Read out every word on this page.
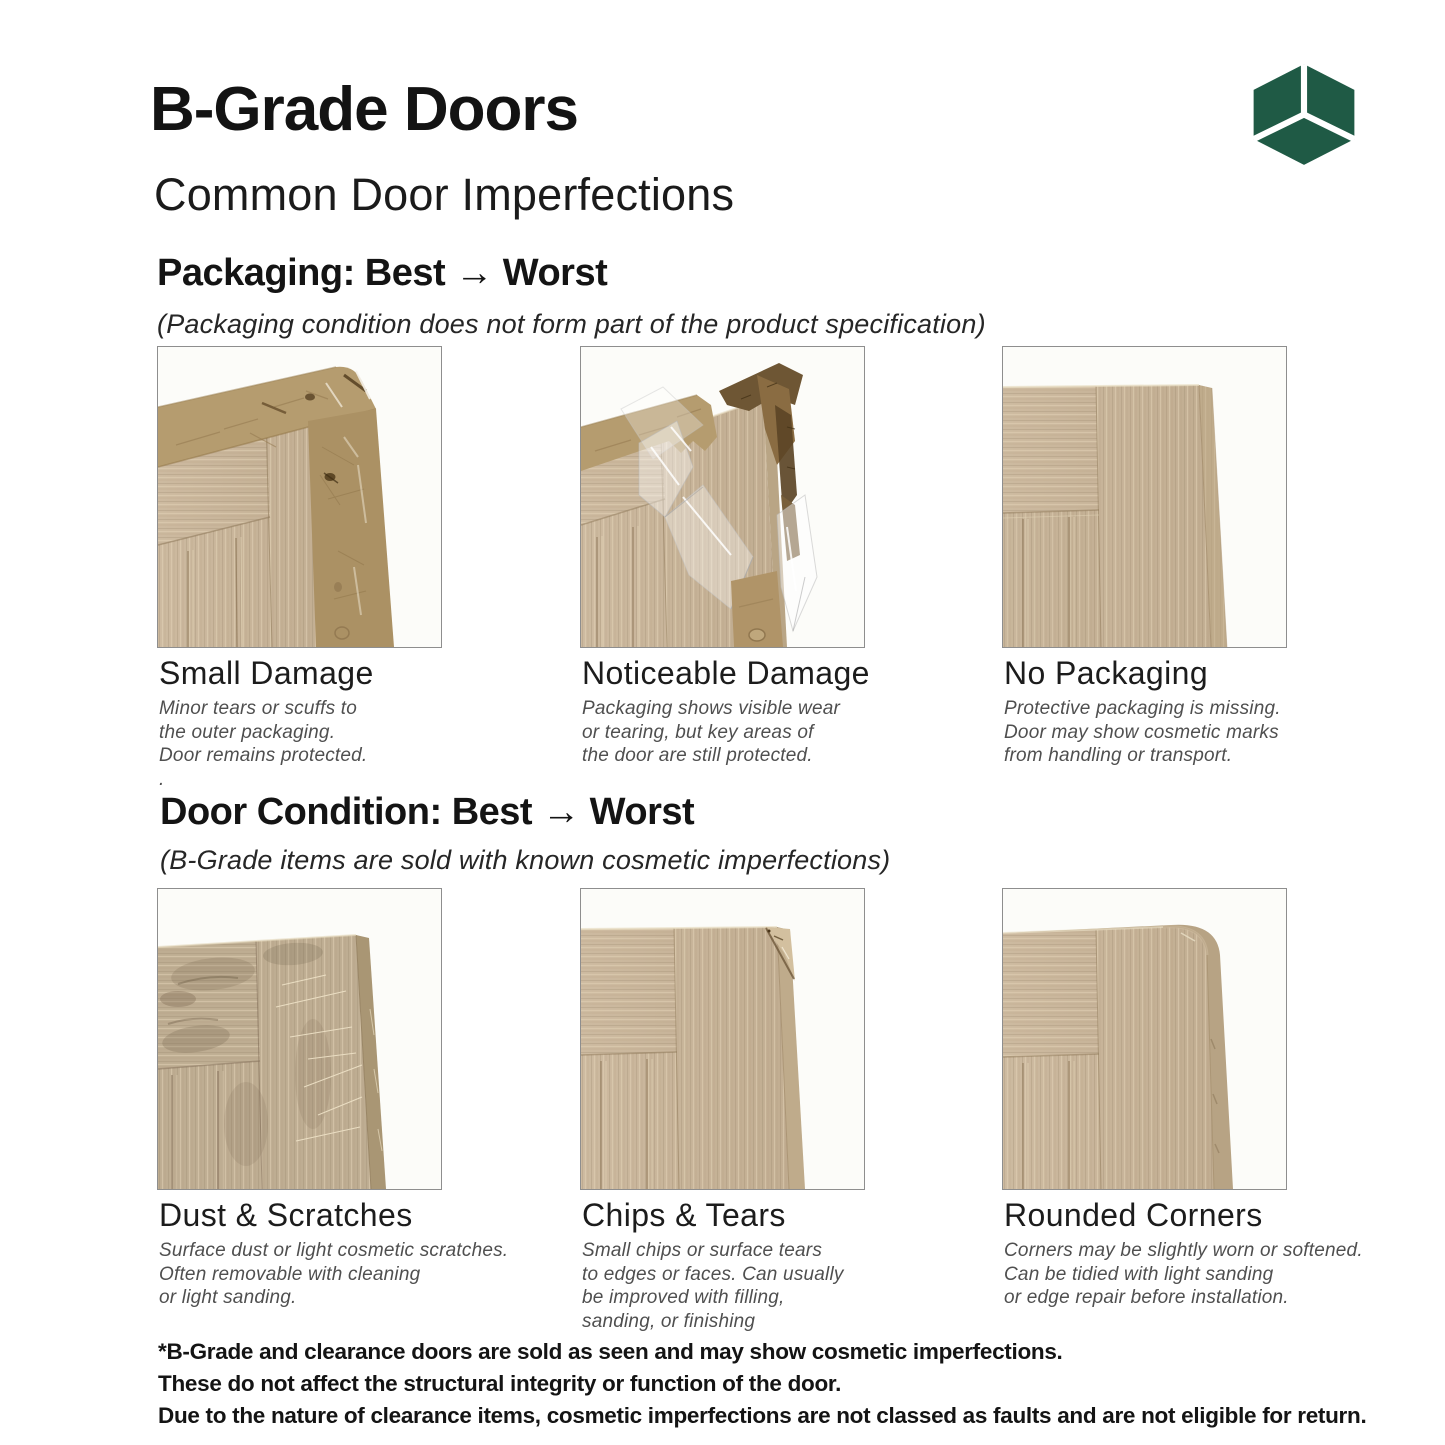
B-Grade Doors
Common Door Imperfections
Packaging: Best → Worst
(Packaging condition does not form part of the product specification)
Small Damage
Minor tears or scuffs to
the outer packaging.
Door remains protected.
.
Noticeable Damage
Packaging shows visible wear
or tearing, but key areas of
the door are still protected.
No Packaging
Protective packaging is missing.
Door may show cosmetic marks
from handling or transport.
Door Condition: Best → Worst
(B-Grade items are sold with known cosmetic imperfections)
Dust & Scratches
Surface dust or light cosmetic scratches.
Often removable with cleaning
or light sanding.
Chips & Tears
Small chips or surface tears
to edges or faces. Can usually
be improved with filling,
sanding, or finishing
Rounded Corners
Corners may be slightly worn or softened.
Can be tidied with light sanding
or edge repair before installation.
*B-Grade and clearance doors are sold as seen and may show cosmetic imperfections.
These do not affect the structural integrity or function of the door.
Due to the nature of clearance items, cosmetic imperfections are not classed as faults and are not eligible for return.
